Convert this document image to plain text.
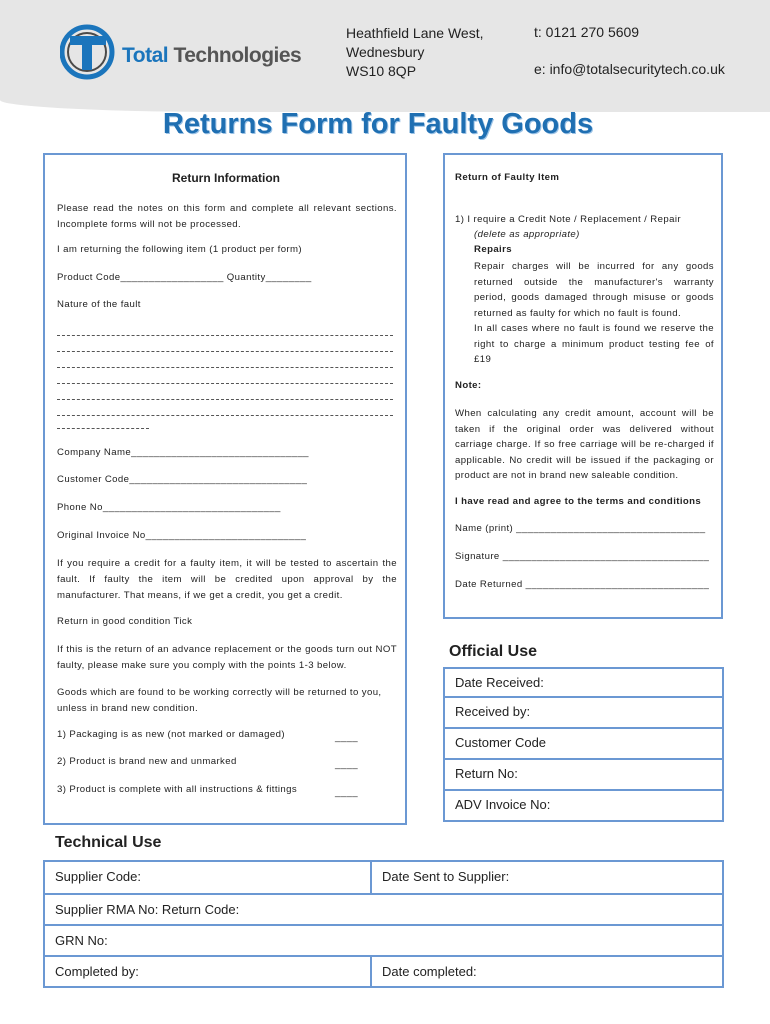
Total Technologies
Heathfield Lane West,
Wednesbury
WS10 8QP
t: 0121 270 5609
e: info@totalsecuritytech.co.uk
Returns Form for Faulty Goods
Return Information
Please read the notes on this form and complete all relevant sections. Incomplete forms will not be processed.
I am returning the following item (1 product per form)
Product Code__________________ Quantity________
Nature of the fault
Company Name_______________________________
Customer Code_______________________________
Phone No_______________________________
Original Invoice No____________________________
If you require a credit for a faulty item, it will be tested to ascertain the fault. If faulty the item will be credited upon approval by the manufacturer. That means, if we get a credit, you get a credit.
Return in good condition Tick
If this is the return of an advance replacement or the goods turn out NOT faulty, please make sure you comply with the points 1-3 below.
Goods which are found to be working correctly will be returned to you, unless in brand new condition.
1) Packaging is as new (not marked or damaged)	____
2) Product is brand new and unmarked	____
3) Product is complete with all instructions & fittings	____
Return of Faulty Item
1) I require a Credit Note / Replacement / Repair
(delete as appropriate)
Repairs
Repair charges will be incurred for any goods returned outside the manufacturer's warranty period, goods damaged through misuse or goods returned as faulty for which no fault is found.
In all cases where no fault is found we reserve the right to charge a minimum product testing fee of £19
Note:
When calculating any credit amount, account will be taken if the original order was delivered without carriage charge. If so free carriage will be re-charged if applicable. No credit will be issued if the packaging or product are not in brand new saleable condition.
I have read and agree to the terms and conditions
Name (print) _________________________________
Signature ____________________________________
Date Returned ________________________________
Official Use
Date Received:
Received by:
Customer Code
Return No:
ADV Invoice No:
Technical Use
Supplier Code:	Date Sent to Supplier:
Supplier RMA No: Return Code:
GRN No:
Completed by:	Date completed:
